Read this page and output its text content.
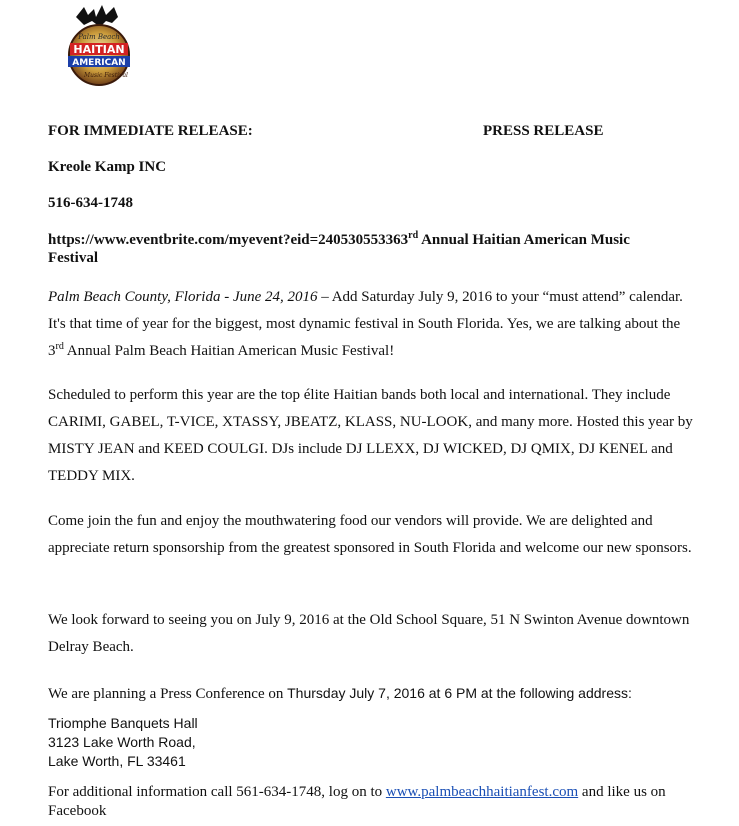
Palm Beach
HAITIAN
AMERICAN
Music Festival
FOR IMMEDIATE RELEASE:	PRESS RELEASE
Kreole Kamp INC
516-634-1748
https://www.eventbrite.com/myevent?eid=240530553363rd Annual Haitian American Music
Festival
Palm Beach County, Florida - June 24, 2016 – Add Saturday July 9, 2016 to your “must attend” calendar. It's that time of year for the biggest, most dynamic festival in South Florida. Yes, we are talking about the 3rd Annual Palm Beach Haitian American Music Festival!
Scheduled to perform this year are the top élite Haitian bands both local and international. They include CARIMI, GABEL, T-VICE, XTASSY, JBEATZ, KLASS, NU-LOOK, and many more. Hosted this year by MISTY JEAN and KEED COULGI. DJs include DJ LLEXX, DJ WICKED, DJ QMIX, DJ KENEL and TEDDY MIX.
Come join the fun and enjoy the mouthwatering food our vendors will provide. We are delighted and appreciate return sponsorship from the greatest sponsored in South Florida and welcome our new sponsors.
We look forward to seeing you on July 9, 2016 at the Old School Square, 51 N Swinton Avenue downtown Delray Beach.
We are planning a Press Conference on Thursday July 7, 2016 at 6 PM at the following address:
Triomphe Banquets Hall
3123 Lake Worth Road,
Lake Worth, FL 33461
For additional information call 561-634-1748, log on to www.palmbeachhaitianfest.com and like us on Facebook
